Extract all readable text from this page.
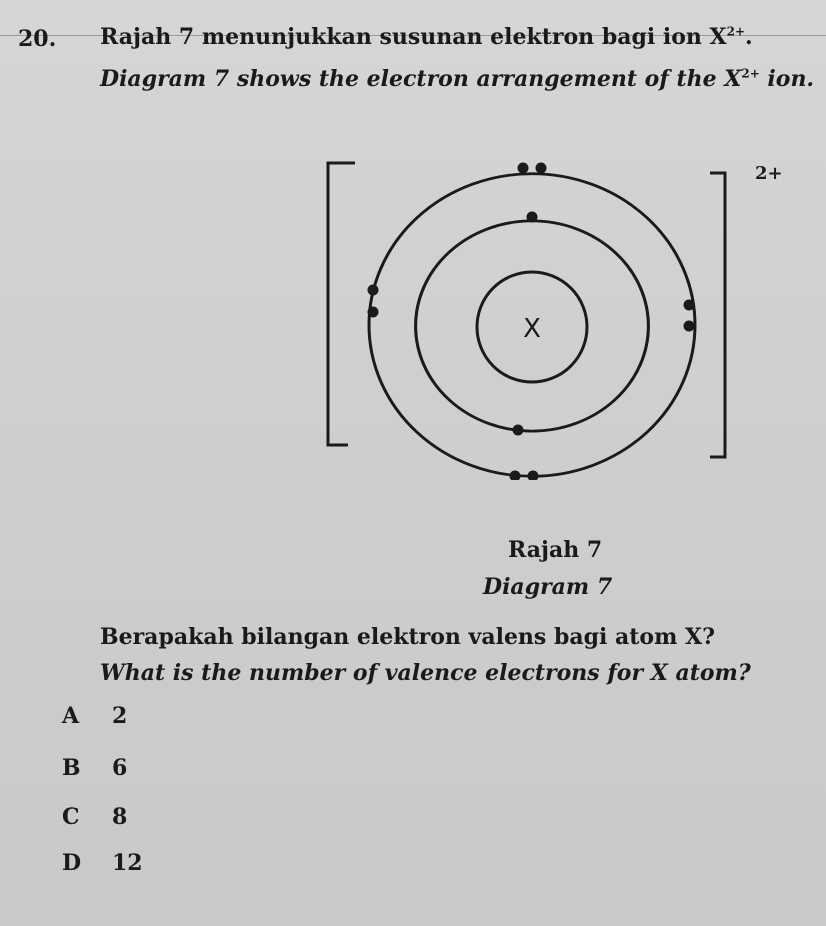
20. Rajah 7 menunjukkan susunan elektron bagi ion $X^{2+}$.
Diagram 7 shows the electron arrangement of the $X^{2+}$ ion.
2+
X
Rajah 7
Diagram 7
Berapakah bilangan elektron valens bagi atom X?
What is the number of valence electrons for X atom?
A 2
B 6
C 8
D 12
